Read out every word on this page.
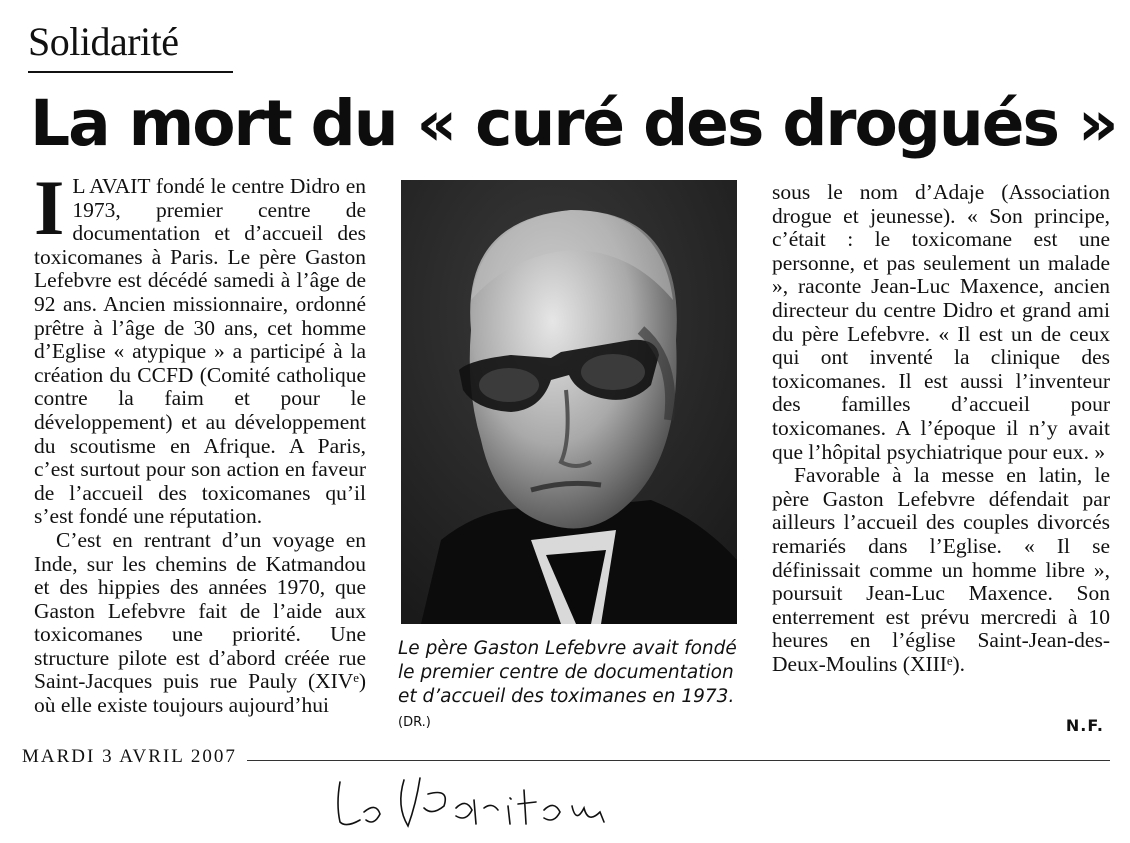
Solidarité
La mort du « curé des drogués »

I L AVAIT fondé le centre Didro en 1973, premier centre de documentation et d’accueil des toxicomanes à Paris. Le père Gaston Lefebvre est décédé samedi à l’âge de 92 ans. Ancien missionnaire, ordonné prêtre à l’âge de 30 ans, cet homme d’Eglise « atypique » a participé à la création du CCFD (Comité catholique contre la faim et pour le développement) et au développement du scoutisme en Afrique. A Paris, c’est surtout pour son action en faveur de l’accueil des toxicomanes qu’il s’est fondé une réputation.

C’est en rentrant d’un voyage en Inde, sur les chemins de Katmandou et des hippies des années 1970, que Gaston Lefebvre fait de l’aide aux toxicomanes une priorité. Une structure pilote est d’abord créée rue Saint-Jacques puis rue Pauly (XIVᵉ) où elle existe toujours aujourd’hui

Le père Gaston Lefebvre avait fondé le premier centre de documentation et d’accueil des toximanes en 1973. (DR.)

sous le nom d’Adaje (Association drogue et jeunesse). « Son principe, c’était : le toxicomane est une personne, et pas seulement un malade », raconte Jean-Luc Maxence, ancien directeur du centre Didro et grand ami du père Lefebvre. « Il est un de ceux qui ont inventé la clinique des toxicomanes. Il est aussi l’inventeur des familles d’accueil pour toxicomanes. A l’époque il n’y avait que l’hôpital psychiatrique pour eux. »

Favorable à la messe en latin, le père Gaston Lefebvre défendait par ailleurs l’accueil des couples divorcés remariés dans l’Eglise. « Il se définissait comme un homme libre », poursuit Jean-Luc Maxence. Son enterrement est prévu mercredi à 10 heures en l’église Saint-Jean-des-Deux-Moulins (XIIIᵉ).

N.F.
MARDI 3 AVRIL 2007
